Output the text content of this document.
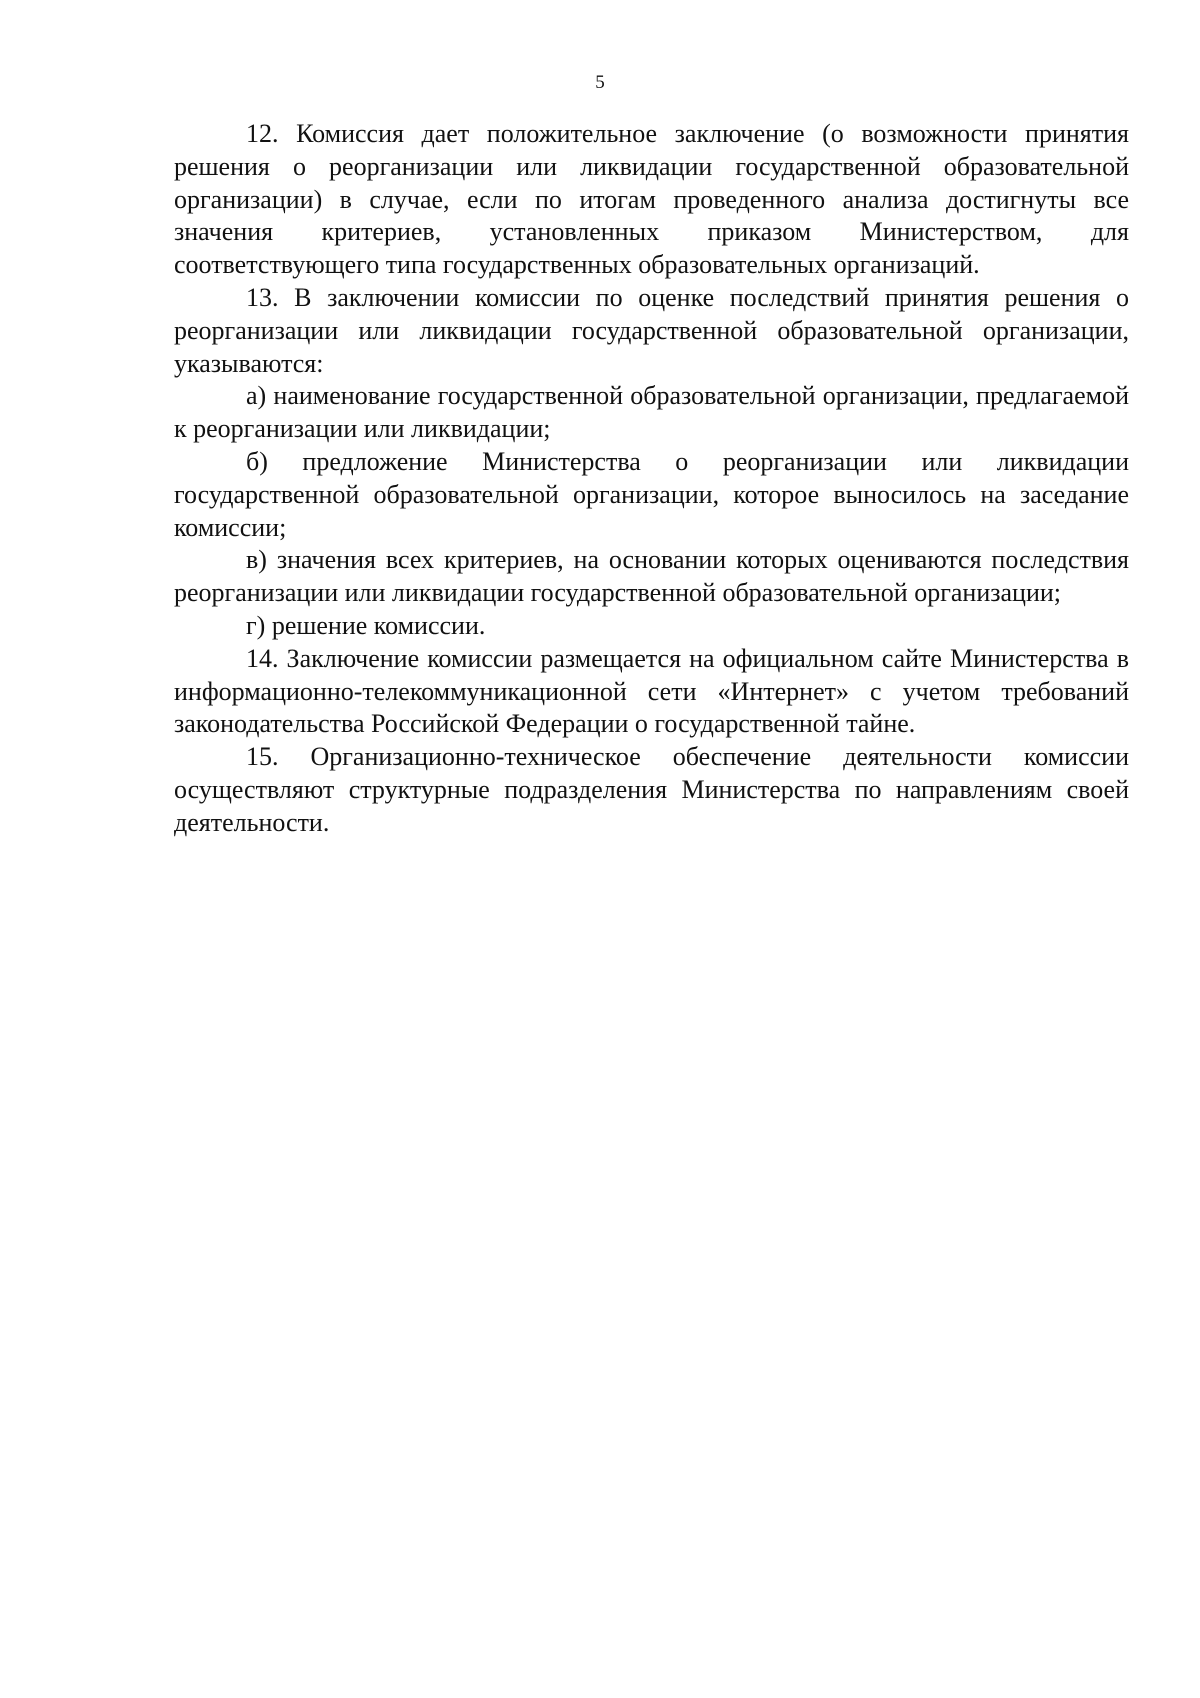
5

12. Комиссия дает положительное заключение (о возможности принятия решения о реорганизации или ликвидации государственной образовательной организации) в случае, если по итогам проведенного анализа достигнуты все значения критериев, установленных приказом Министерством, для соответствующего типа государственных образовательных организаций.

13. В заключении комиссии по оценке последствий принятия решения о реорганизации или ликвидации государственной образовательной организации, указываются:

а) наименование государственной образовательной организации, предлагаемой к реорганизации или ликвидации;

б) предложение Министерства о реорганизации или ликвидации государственной образовательной организации, которое выносилось на заседание комиссии;

в) значения всех критериев, на основании которых оцениваются последствия реорганизации или ликвидации государственной образовательной организации;

г) решение комиссии.

14. Заключение комиссии размещается на официальном сайте Министерства в информационно-телекоммуникационной сети «Интернет» с учетом требований законодательства Российской Федерации о государственной тайне.

15. Организационно-техническое обеспечение деятельности комиссии осуществляют структурные подразделения Министерства по направлениям своей деятельности.
